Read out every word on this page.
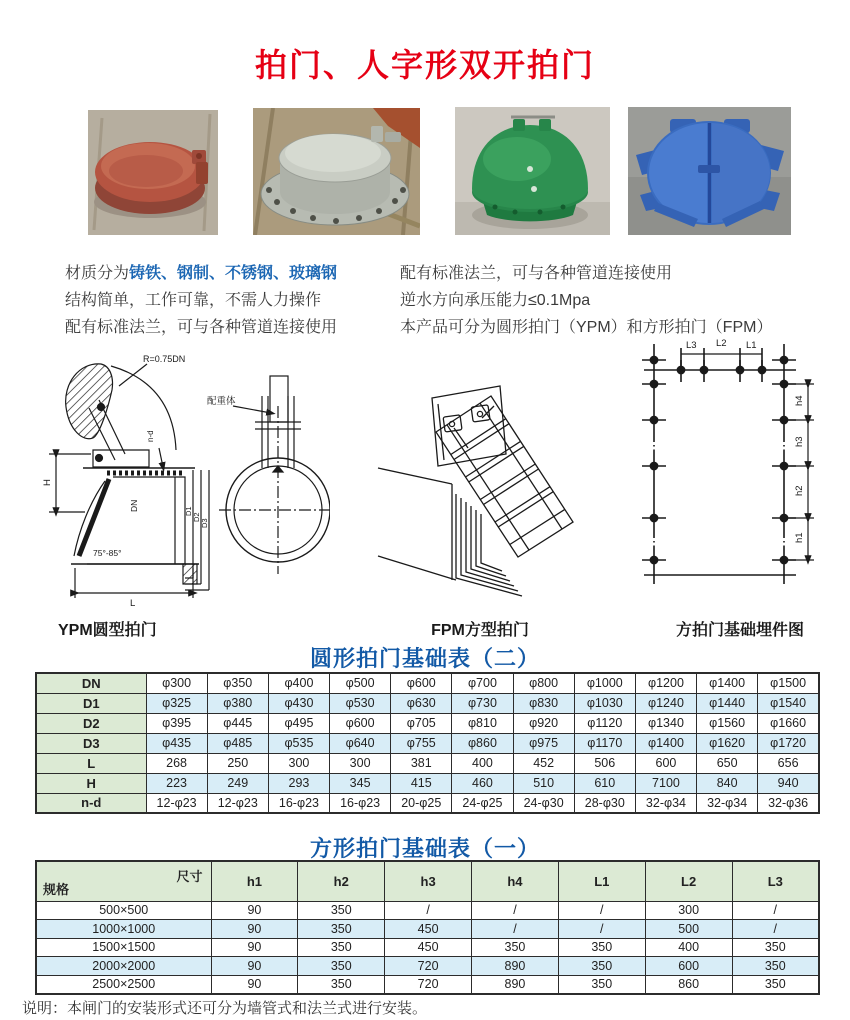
拍门、人字形双开拍门
材质分为铸铁、钢制、不锈钢、玻璃钢
结构简单，工作可靠，不需人力操作
配有标准法兰，可与各种管道连接使用
配有标准法兰，可与各种管道连接使用
逆水方向承压能力≤0.1Mpa
本产品可分为圆形拍门（YPM）和方形拍门（FPM）
R=0.75DN
配重体
n-d
H
DN	D1
D2
D3
75°-85°
L
L3 L2 L1
h4
h3
h2
h1
YPM圆型拍门	FPM方型拍门	方拍门基础埋件图
圆形拍门基础表（二）
DN	φ300	φ350	φ400	φ500	φ600	φ700	φ800	φ1000	φ1200	φ1400	φ1500
D1	φ325	φ380	φ430	φ530	φ630	φ730	φ830	φ1030	φ1240	φ1440	φ1540
D2	φ395	φ445	φ495	φ600	φ705	φ810	φ920	φ1120	φ1340	φ1560	φ1660
D3	φ435	φ485	φ535	φ640	φ755	φ860	φ975	φ1170	φ1400	φ1620	φ1720
L	268	250	300	300	381	400	452	506	600	650	656
H	223	249	293	345	415	460	510	610	7100	840	940
n-d	12-φ23	12-φ23	16-φ23	16-φ23	20-φ25	24-φ25	24-φ30	28-φ30	32-φ34	32-φ34	32-φ36
方形拍门基础表（一）
尺寸
规格	h1	h2	h3	h4	L1	L2	L3
500×500	90	350	/	/	/	300	/
1000×1000	90	350	450	/	/	500	/
1500×1500	90	350	450	350	350	400	350
2000×2000	90	350	720	890	350	600	350
2500×2500	90	350	720	890	350	860	350
说明：本闸门的安装形式还可分为墙管式和法兰式进行安装。
